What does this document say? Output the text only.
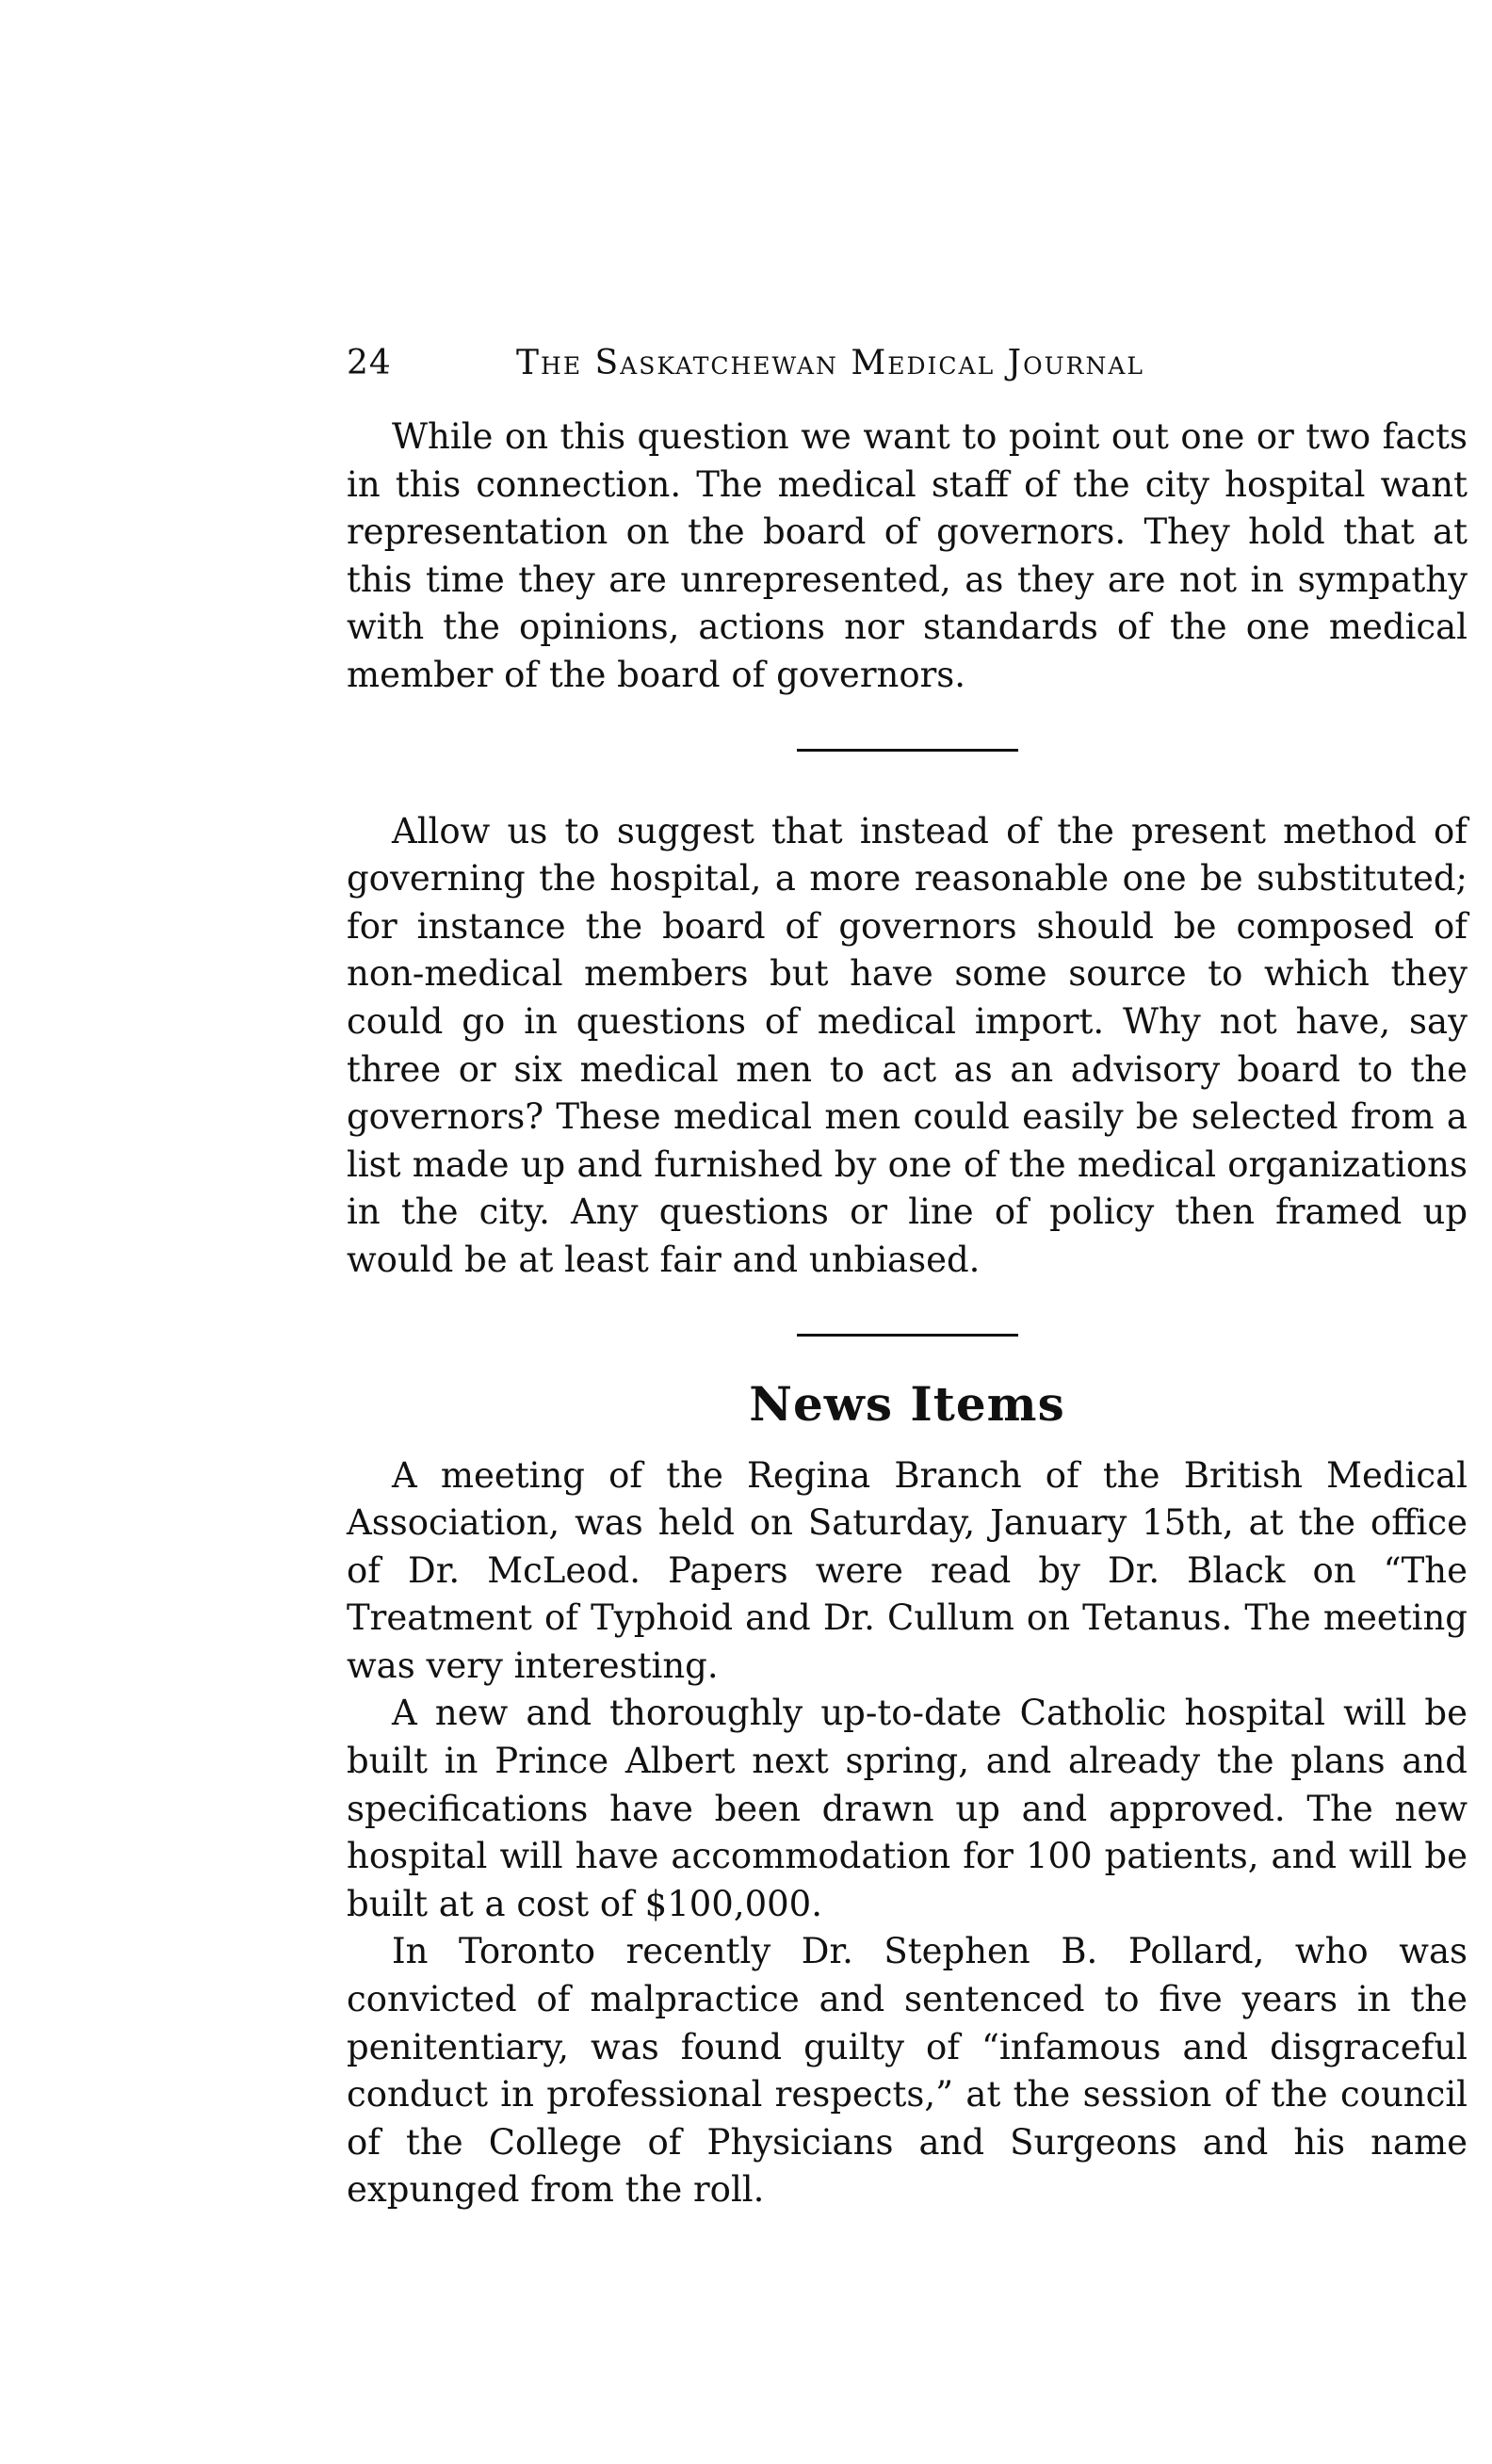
24	The Saskatchewan Medical Journal

While on this question we want to point out one or two facts in this connection. The medical staff of the city hospital want representation on the board of governors. They hold that at this time they are unrepresented, as they are not in sympathy with the opinions, actions nor standards of the one medical member of the board of governors.

Allow us to suggest that instead of the present method of governing the hospital, a more reasonable one be substituted; for instance the board of governors should be composed of non-medical members but have some source to which they could go in questions of medical import. Why not have, say three or six medical men to act as an advisory board to the governors? These medical men could easily be selected from a list made up and furnished by one of the medical organizations in the city. Any questions or line of policy then framed up would be at least fair and unbiased.

News Items

A meeting of the Regina Branch of the British Medical Association, was held on Saturday, January 15th, at the office of Dr. McLeod. Papers were read by Dr. Black on “The Treatment of Typhoid and Dr. Cullum on Tetanus. The meeting was very interesting.

A new and thoroughly up-to-date Catholic hospital will be built in Prince Albert next spring, and already the plans and specifications have been drawn up and approved. The new hospital will have accommodation for 100 patients, and will be built at a cost of $100,000.

In Toronto recently Dr. Stephen B. Pollard, who was convicted of malpractice and sentenced to five years in the penitentiary, was found guilty of “infamous and disgraceful conduct in professional respects,” at the session of the council of the College of Physicians and Surgeons and his name expunged from the roll.
